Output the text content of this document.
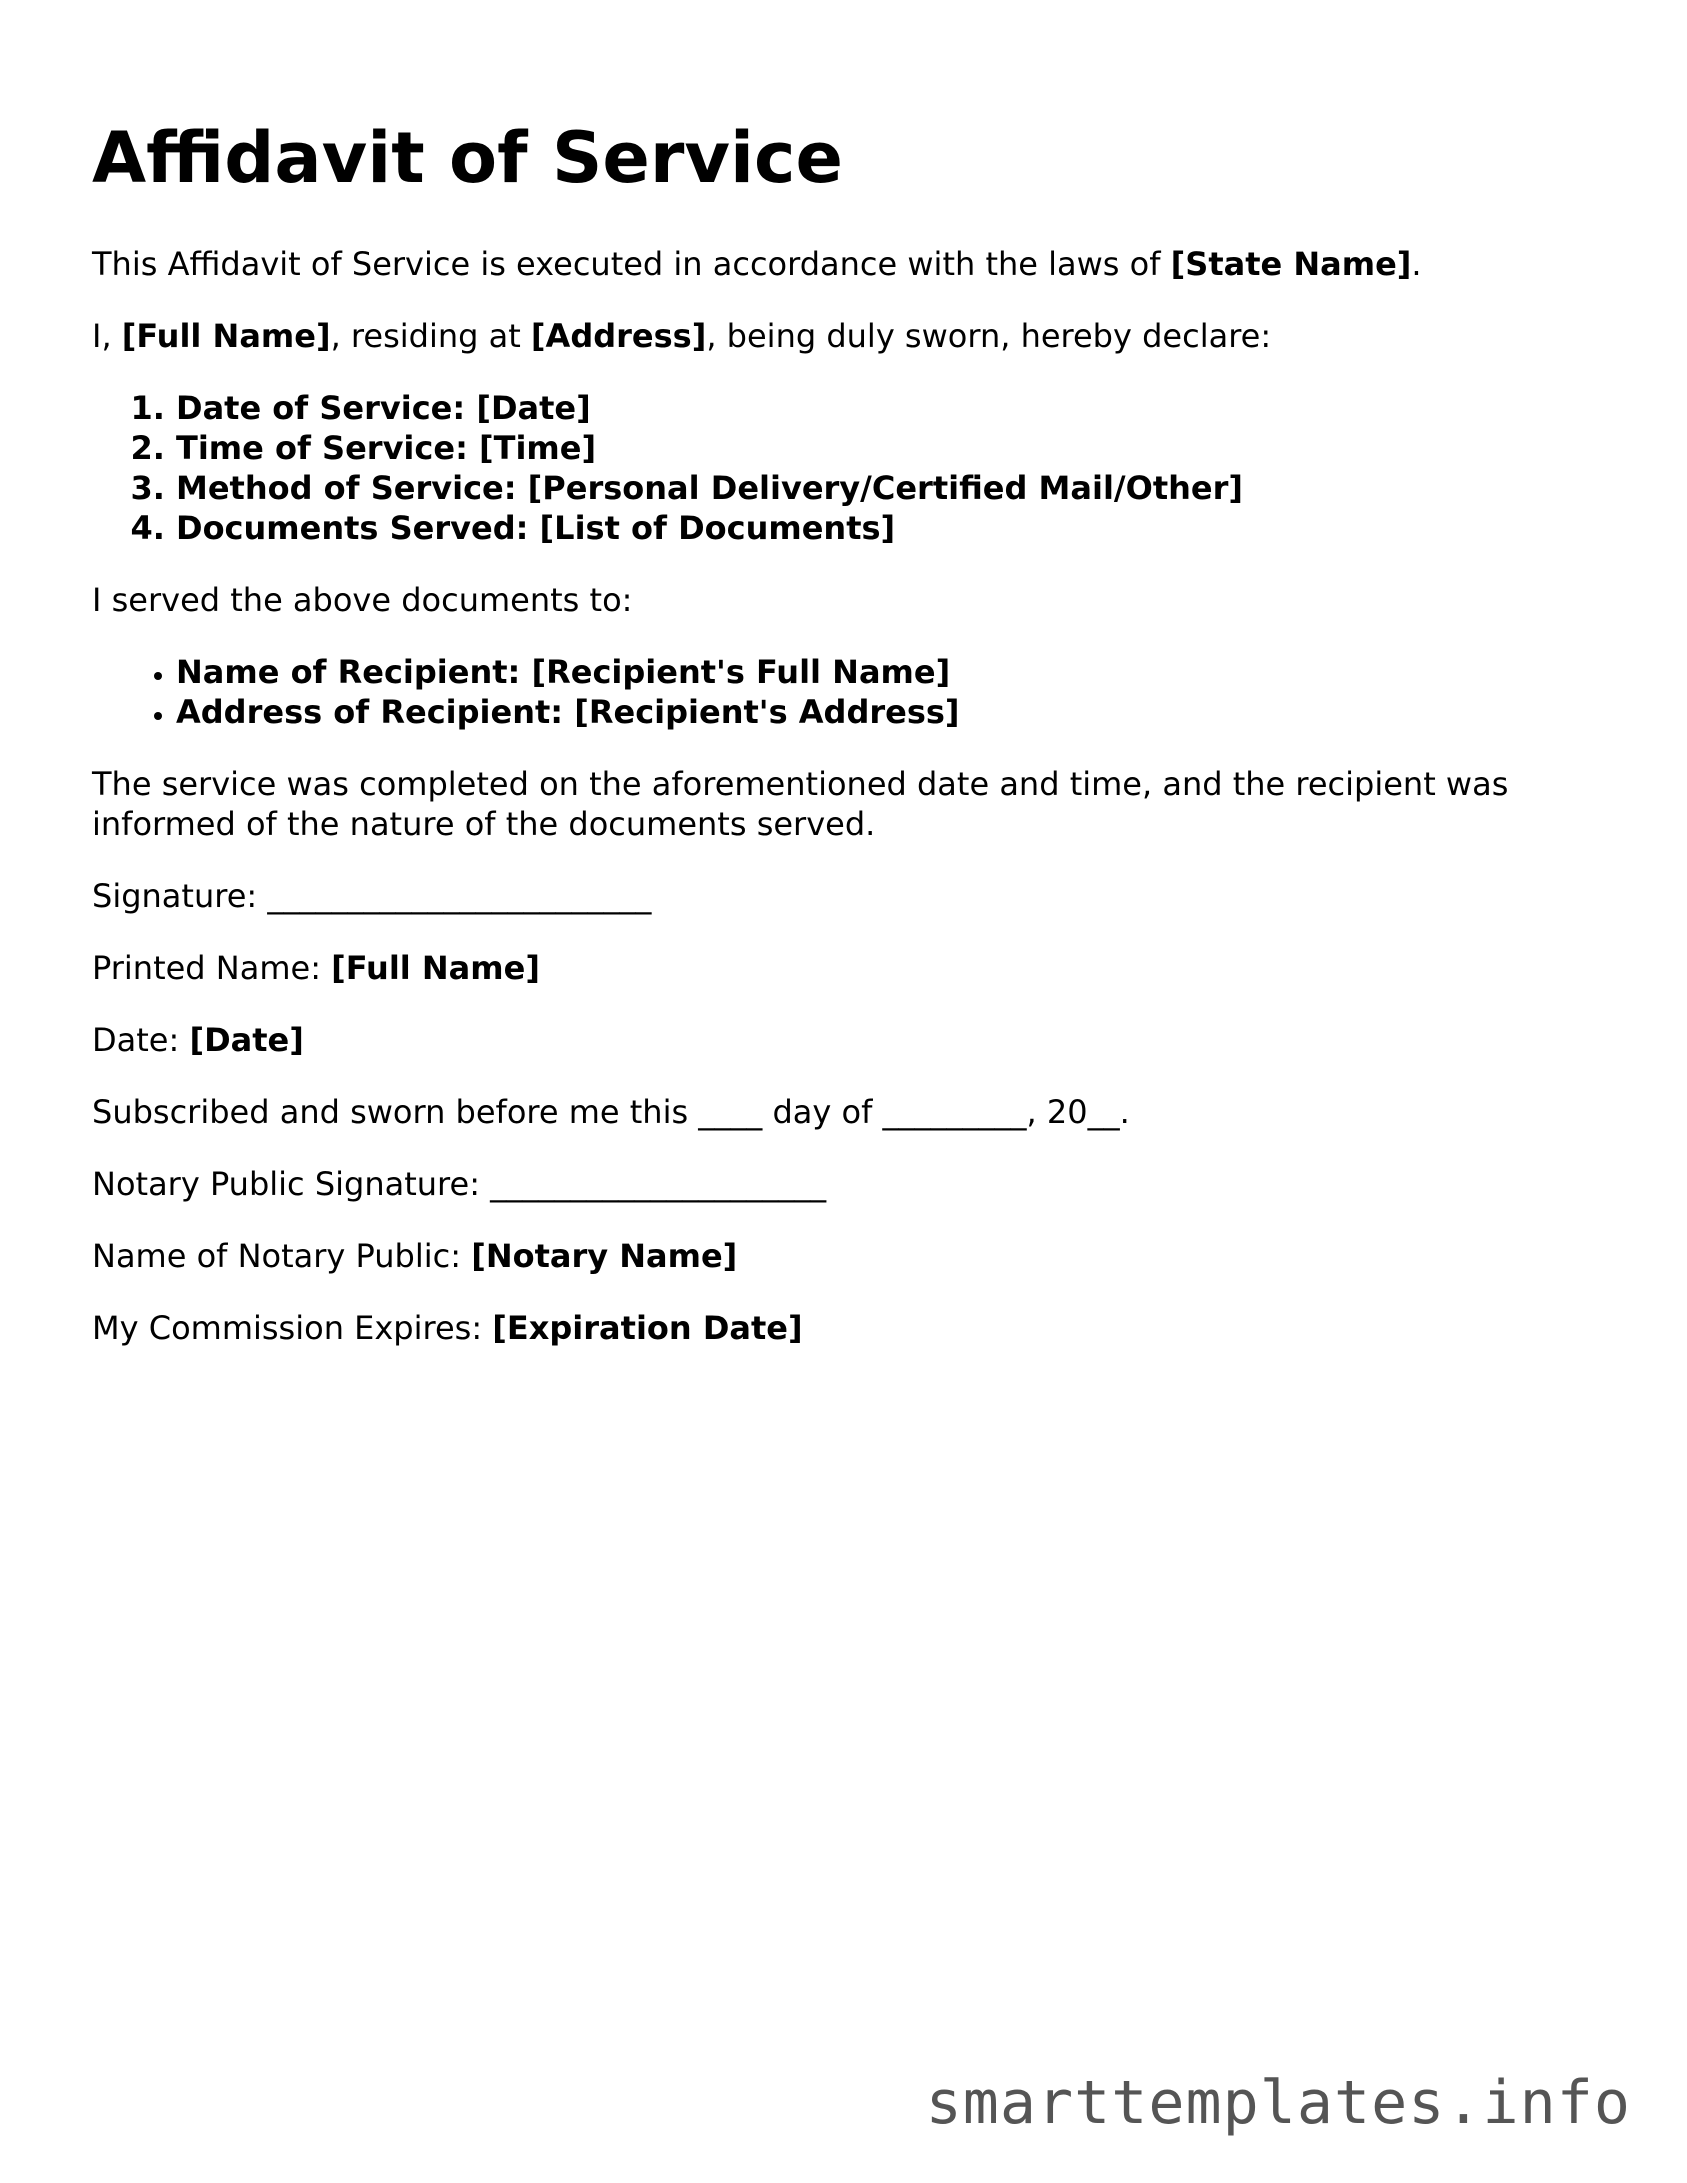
Affidavit of Service

This Affidavit of Service is executed in accordance with the laws of [State Name].

I, [Full Name], residing at [Address], being duly sworn, hereby declare:

1. Date of Service: [Date]
2. Time of Service: [Time]
3. Method of Service: [Personal Delivery/Certified Mail/Other]
4. Documents Served: [List of Documents]

I served the above documents to:

• Name of Recipient: [Recipient's Full Name]
• Address of Recipient: [Recipient's Address]

The service was completed on the aforementioned date and time, and the recipient was informed of the nature of the documents served.

Signature: ________________________

Printed Name: [Full Name]

Date: [Date]

Subscribed and sworn before me this ____ day of _________, 20__.

Notary Public Signature: _____________________

Name of Notary Public: [Notary Name]

My Commission Expires: [Expiration Date]

smarttemplates.info
